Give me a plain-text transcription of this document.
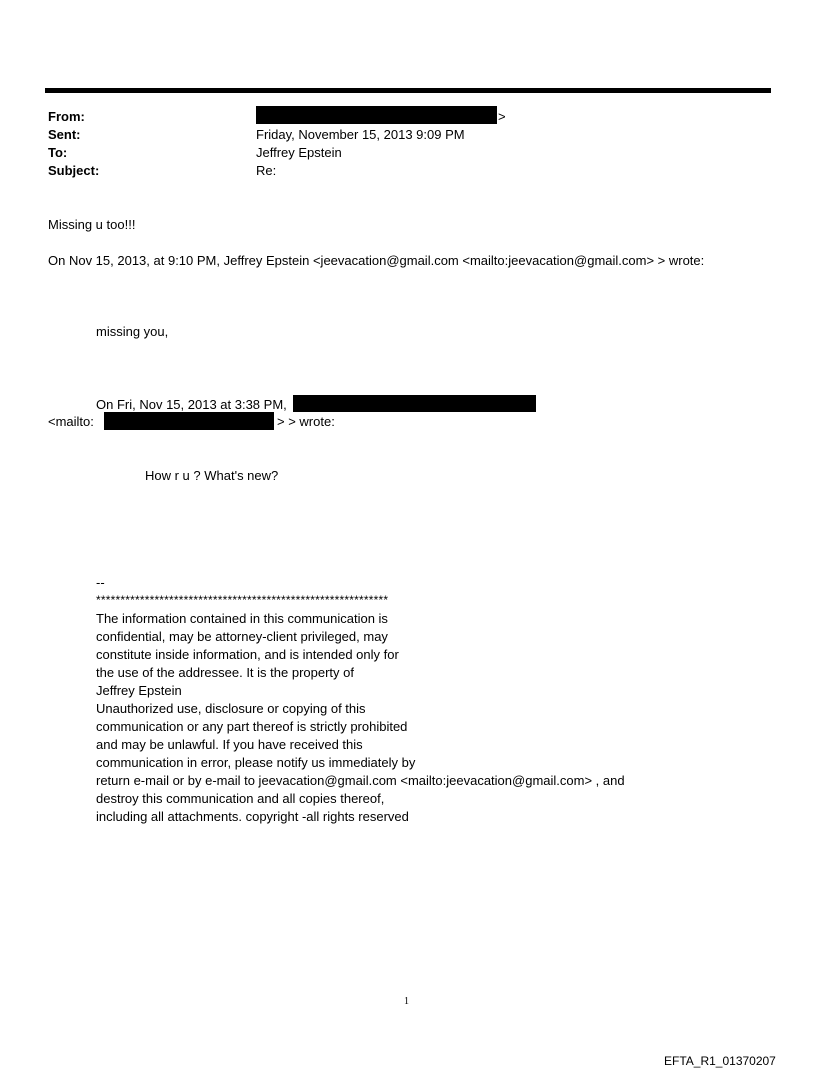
From:	>
Sent:	Friday, November 15, 2013 9:09 PM
To:	Jeffrey Epstein
Subject:	Re:
Missing u too!!!
On Nov 15, 2013, at 9:10 PM, Jeffrey Epstein <jeevacation@gmail.com <mailto:jeevacation@gmail.com> > wrote:
missing you,
On Fri, Nov 15, 2013 at 3:38 PM,
<mailto:	> > wrote:
How r u ? What's new?
--
************************************************************
The information contained in this communication is
confidential, may be attorney-client privileged, may
constitute inside information, and is intended only for
the use of the addressee. It is the property of
Jeffrey Epstein
Unauthorized use, disclosure or copying of this
communication or any part thereof is strictly prohibited
and may be unlawful. If you have received this
communication in error, please notify us immediately by
return e-mail or by e-mail to jeevacation@gmail.com <mailto:jeevacation@gmail.com> , and
destroy this communication and all copies thereof,
including all attachments. copyright -all rights reserved
1
EFTA_R1_01370207
